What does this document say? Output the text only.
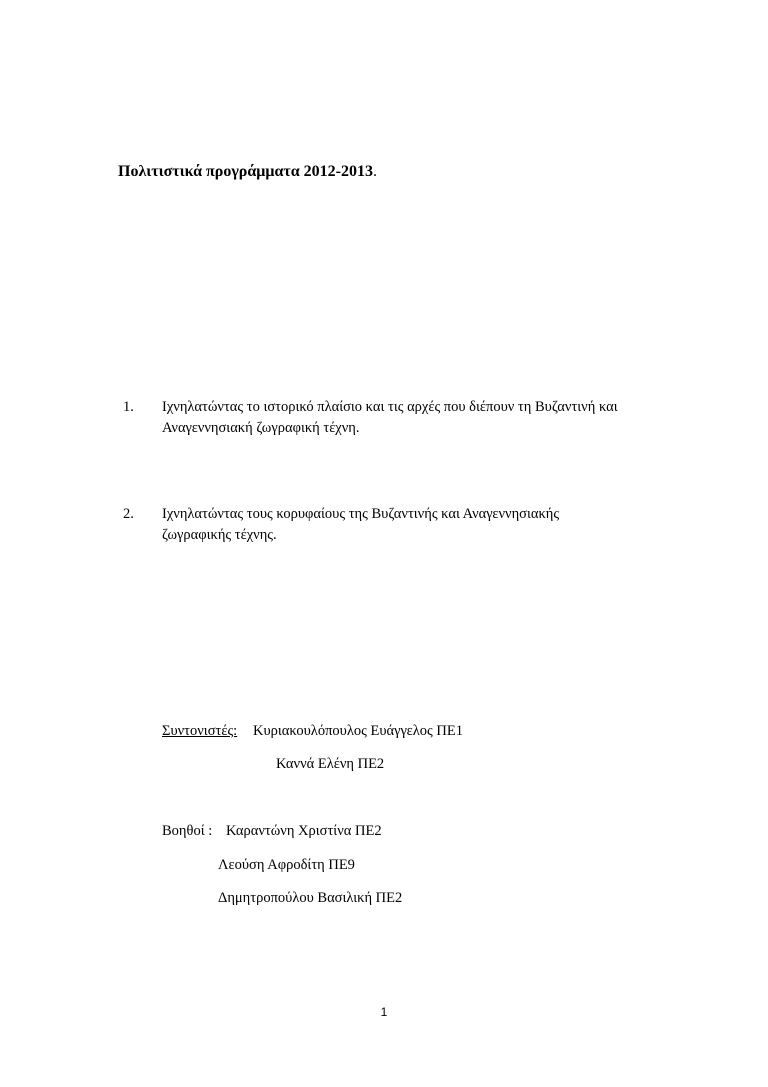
Πολιτιστικά προγράμματα 2012-2013.
1. Ιχνηλατώντας το ιστορικό πλαίσιο και τις αρχές που διέπουν τη Βυζαντινή και
Αναγεννησιακή ζωγραφική τέχνη.
2. Ιχνηλατώντας τους κορυφαίους της Βυζαντινής και Αναγεννησιακής
ζωγραφικής τέχνης.
Συντονιστές: Κυριακουλόπουλος Ευάγγελος ΠΕ1
Καννά Ελένη ΠΕ2
Βοηθοί : Καραντώνη Χριστίνα ΠΕ2
Λεούση Αφροδίτη ΠΕ9
Δημητροπούλου Βασιλική ΠΕ2
1
